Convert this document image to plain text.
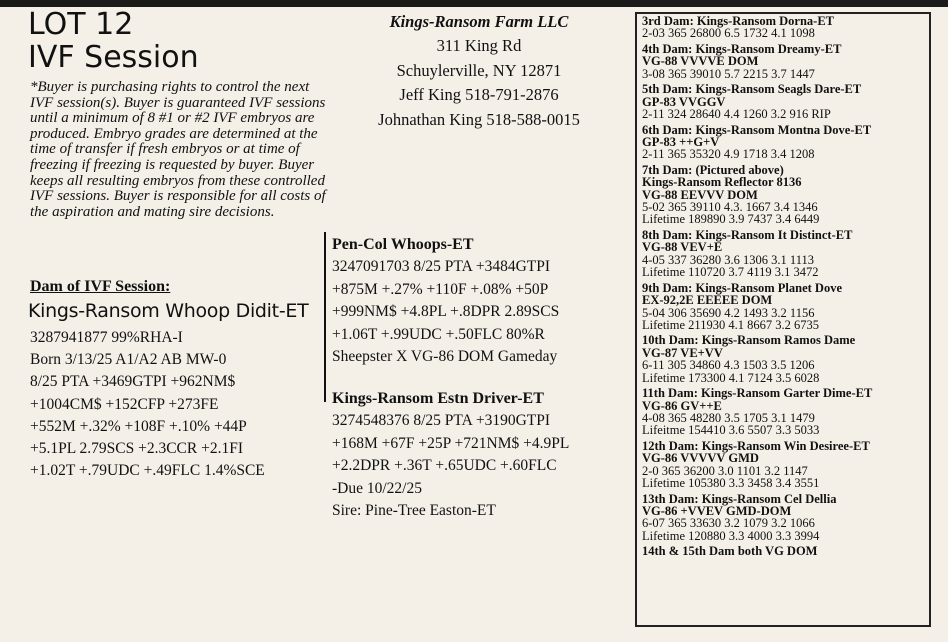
LOT 12
IVF Session
*Buyer is purchasing rights to control the next IVF session(s). Buyer is guaranteed IVF sessions until a minimum of 8 #1 or #2 IVF embryos are produced. Embryo grades are determined at the time of transfer if fresh embryos or at time of freezing if freezing is requested by buyer. Buyer keeps all resulting embryos from these controlled IVF sessions. Buyer is responsible for all costs of the aspiration and mating sire decisions.
Dam of IVF Session:
Kings-Ransom Whoop Didit-ET
3287941877 99%RHA-I
Born 3/13/25 A1/A2 AB MW-0
8/25 PTA +3469GTPI +962NM$
+1004CM$ +152CFP +273FE
+552M +.32% +108F +.10% +44P
+5.1PL 2.79SCS +2.3CCR +2.1FI
+1.02T +.79UDC +.49FLC 1.4%SCE
Kings-Ransom Farm LLC
311 King Rd
Schuylerville, NY 12871
Jeff King 518-791-2876
Johnathan King 518-588-0015
Pen-Col Whoops-ET
3247091703 8/25 PTA +3484GTPI
+875M +.27% +110F +.08% +50P
+999NM$ +4.8PL +.8DPR 2.89SCS
+1.06T +.99UDC +.50FLC 80%R
Sheepster X VG-86 DOM Gameday
Kings-Ransom Estn Driver-ET
3274548376 8/25 PTA +3190GTPI
+168M +67F +25P +721NM$ +4.9PL
+2.2DPR +.36T +.65UDC +.60FLC
-Due 10/22/25
Sire: Pine-Tree Easton-ET
3rd Dam: Kings-Ransom Dorna-ET
2-03 365 26800 6.5 1732 4.1 1098
4th Dam: Kings-Ransom Dreamy-ET
VG-88 VVVVE DOM
3-08 365 39010 5.7 2215 3.7 1447
5th Dam: Kings-Ransom Seagls Dare-ET
GP-83 VVGGV
2-11 324 28640 4.4 1260 3.2 916 RIP
6th Dam: Kings-Ransom Montna Dove-ET
GP-83 ++G+V
2-11 365 35320 4.9 1718 3.4 1208
7th Dam: (Pictured above)
Kings-Ransom Reflector 8136
VG-88 EEVVV DOM
5-02 365 39110 4.3. 1667 3.4 1346
Lifetime 189890 3.9 7437 3.4 6449
8th Dam: Kings-Ransom It Distinct-ET
VG-88 VEV+E
4-05 337 36280 3.6 1306 3.1 1113
Lifetime 110720 3.7 4119 3.1 3472
9th Dam: Kings-Ransom Planet Dove
EX-92,2E EEEEE DOM
5-04 306 35690 4.2 1493 3.2 1156
Lifetime 211930 4.1 8667 3.2 6735
10th Dam: Kings-Ransom Ramos Dame
VG-87 VE+VV
6-11 305 34860 4.3 1503 3.5 1206
Lifetime 173300 4.1 7124 3.5 6028
11th Dam: Kings-Ransom Garter Dime-ET
VG-86 GV++E
4-08 365 48280 3.5 1705 3.1 1479
Lifeitme 154410 3.6 5507 3.3 5033
12th Dam: Kings-Ransom Win Desiree-ET
VG-86 VVVVV GMD
2-0 365 36200 3.0 1101 3.2 1147
Lifetime 105380 3.3 3458 3.4 3551
13th Dam: Kings-Ransom Cel Dellia
VG-86 +VVEV GMD-DOM
6-07 365 33630 3.2 1079 3.2 1066
Lifetime 120880 3.3 4000 3.3 3994
14th & 15th Dam both VG DOM
